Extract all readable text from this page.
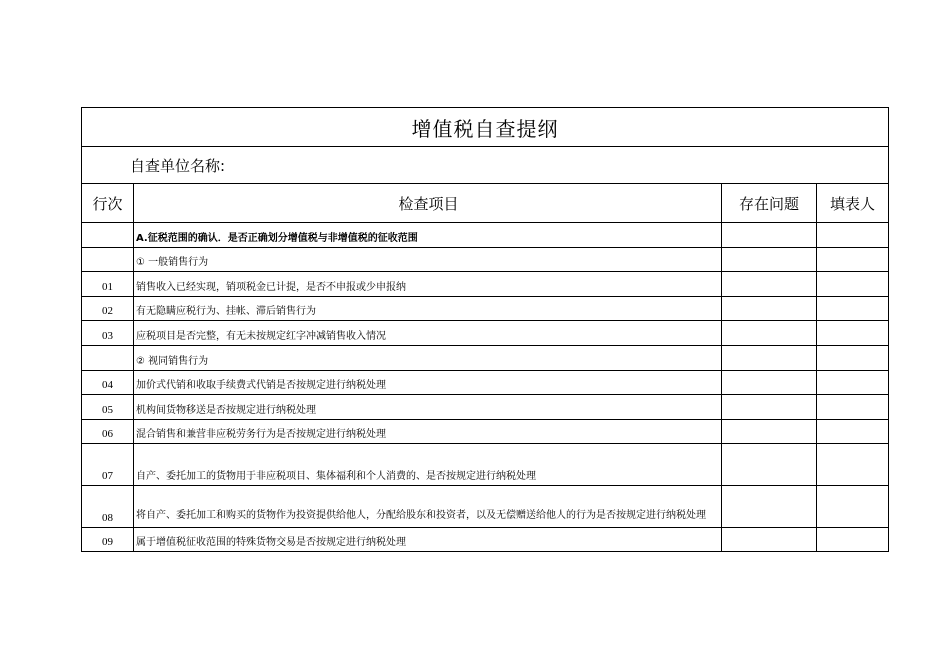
增值税自查提纲
自查单位名称:
行次	检查项目	存在问题	填表人
A.征税范围的确认．是否正确划分增值税与非增值税的征收范围
① 一般销售行为
01	销售收入已经实现，销项税金已计提，是否不申报或少申报纳
02	有无隐瞒应税行为、挂帐、滞后销售行为
03	应税项目是否完整，有无未按规定红字冲减销售收入情况
② 视同销售行为
04	加价式代销和收取手续费式代销是否按规定进行纳税处理
05	机构间货物移送是否按规定进行纳税处理
06	混合销售和兼营非应税劳务行为是否按规定进行纳税处理
07	自产、委托加工的货物用于非应税项目、集体福利和个人消费的、是否按规定进行纳税处理
08	将自产、委托加工和购买的货物作为投资提供给他人，分配给股东和投资者，以及无偿赠送给他人的行为是否按规定进行纳税处理
09	属于增值税征收范围的特殊货物交易是否按规定进行纳税处理
